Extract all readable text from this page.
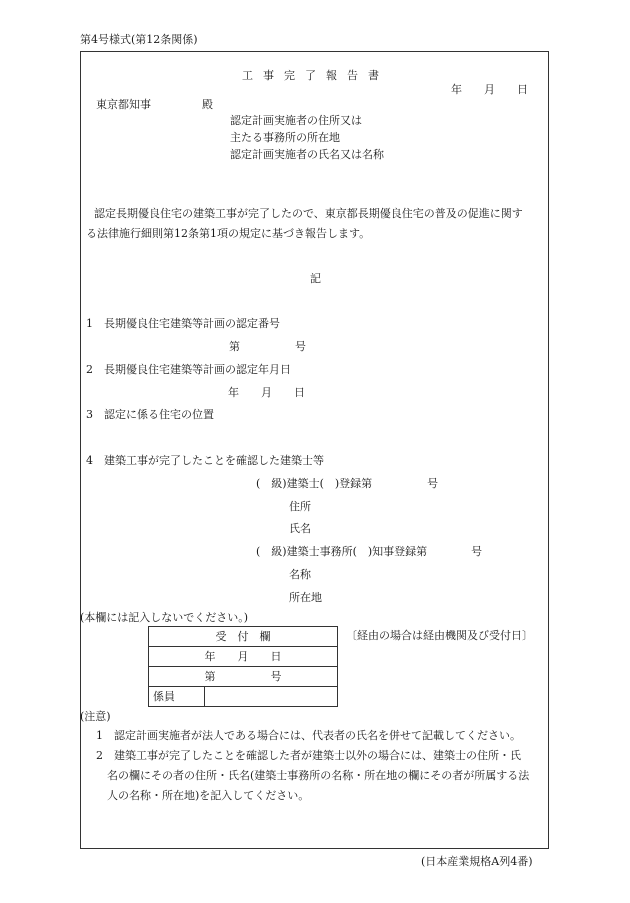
第4号様式(第12条関係)
工事完了報告書
年　　月　　日
東京都知事	殿
認定計画実施者の住所又は
主たる事務所の所在地
認定計画実施者の氏名又は名称
認定長期優良住宅の建築工事が完了したので、東京都長期優良住宅の普及の促進に関す
る法律施行細則第12条第1項の規定に基づき報告します。
記
1　長期優良住宅建築等計画の認定番号
第　　　　　号
2　長期優良住宅建築等計画の認定年月日
年　　月　　日
3　認定に係る住宅の位置
4　建築工事が完了したことを確認した建築士等
(　級)建築士(　)登録第　　　　　号
住所
氏名
(　級)建築士事務所(　)知事登録第　　　　号
名称
所在地
(本欄には記入しないでください。)
受　付　欄
年　　月　　日
第　　　　　号
係員	
〔経由の場合は経由機関及び受付日〕
(注意)
1　認定計画実施者が法人である場合には、代表者の氏名を併せて記載してください。
2　建築工事が完了したことを確認した者が建築士以外の場合には、建築士の住所・氏
名の欄にその者の住所・氏名(建築士事務所の名称・所在地の欄にその者が所属する法
人の名称・所在地)を記入してください。
(日本産業規格A列4番)
